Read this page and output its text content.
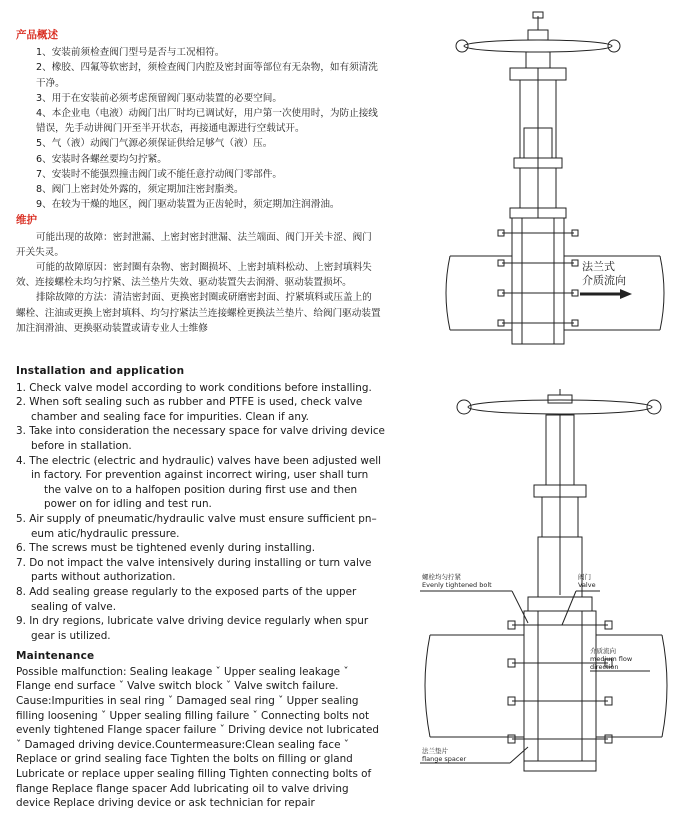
产品概述
1、安装前须检查阀门型号是否与工况相符。
2、橡胶、四氟等软密封，须检查阀门内腔及密封面等部位有无杂物，如有须清洗干净。
3、用于在安装前必须考虑预留阀门驱动装置的必要空间。
4、本企业电（电液）动阀门出厂时均已调试好，用户第一次使用时，为防止接线错误，先手动讲阀门开至半开状态，再接通电源进行空载试开。
5、气（液）动阀门气源必须保证供给足够气（液）压。
6、安装时各螺丝要均匀拧紧。
7、安装时不能强烈撞击阀门或不能任意拧动阀门零部件。
8、阀门上密封处外露的，须定期加注密封脂类。
9、在较为干燥的地区，阀门驱动装置为正齿轮时，须定期加注润滑油。
维护
可能出现的故障：密封泄漏、上密封密封泄漏、法兰端面、阀门开关卡涩、阀门开关失灵。
可能的故障原因：密封圈有杂物、密封圈损坏、上密封填料松动、上密封填料失效、连接螺栓未均匀拧紧、法兰垫片失效、驱动装置失去润滑、驱动装置损坏。
排除故障的方法：清洁密封面、更换密封圈或研磨密封面、拧紧填料或压盖上的螺栓、注油或更换上密封填料、均匀拧紧法兰连接螺栓更换法兰垫片、给阀门驱动装置加注润滑油、更换驱动装置或请专业人士维修
Installation and application
1. Check valve model according to work conditions before installing.
2. When soft sealing such as rubber and PTFE is used, check valve
chamber and sealing face for impurities. Clean if any.
3. Take into consideration the necessary space for valve driving device
before in stallation.
4. The electric (electric and hydraulic) valves have been adjusted well
in factory. For prevention against incorrect wiring, user shall turn the valve on to a halfopen position during first use and then power on for idling and test run.
5. Air supply of pneumatic/hydraulic valve must ensure sufficient pn–
eum atic/hydraulic pressure.
6. The screws must be tightened evenly during installing.
7. Do not impact the valve intensively during installing or turn valve
parts without authorization.
8. Add sealing grease regularly to the exposed parts of the upper
sealing of valve.
9. In dry regions, lubricate valve driving device regularly when spur
gear is utilized.
Maintenance
Possible malfunction: Sealing leakage ˇ Upper sealing leakage ˇ Flange end surface ˇ Valve switch block ˇ Valve switch failure. Cause:Impurities in seal ring ˇ Damaged seal ring ˇ Upper sealing filling loosening ˇ Upper sealing filling failure ˇ Connecting bolts not evenly tightened Flange spacer failure ˇ Driving device not lubricated ˇ Damaged driving device.Countermeasure:Clean sealing face ˇ Replace or grind sealing face Tighten the bolts on filling or gland Lubricate or replace upper sealing filling Tighten connecting bolts of flange Replace flange spacer Add lubricating oil to valve driving device Replace driving device or ask technician for repair
法兰式
介质流向
螺栓均匀拧紧
Evenly tightened bolt
阀门
Valve
介质流向
medium flow
direction
法兰垫片
flange spacer
